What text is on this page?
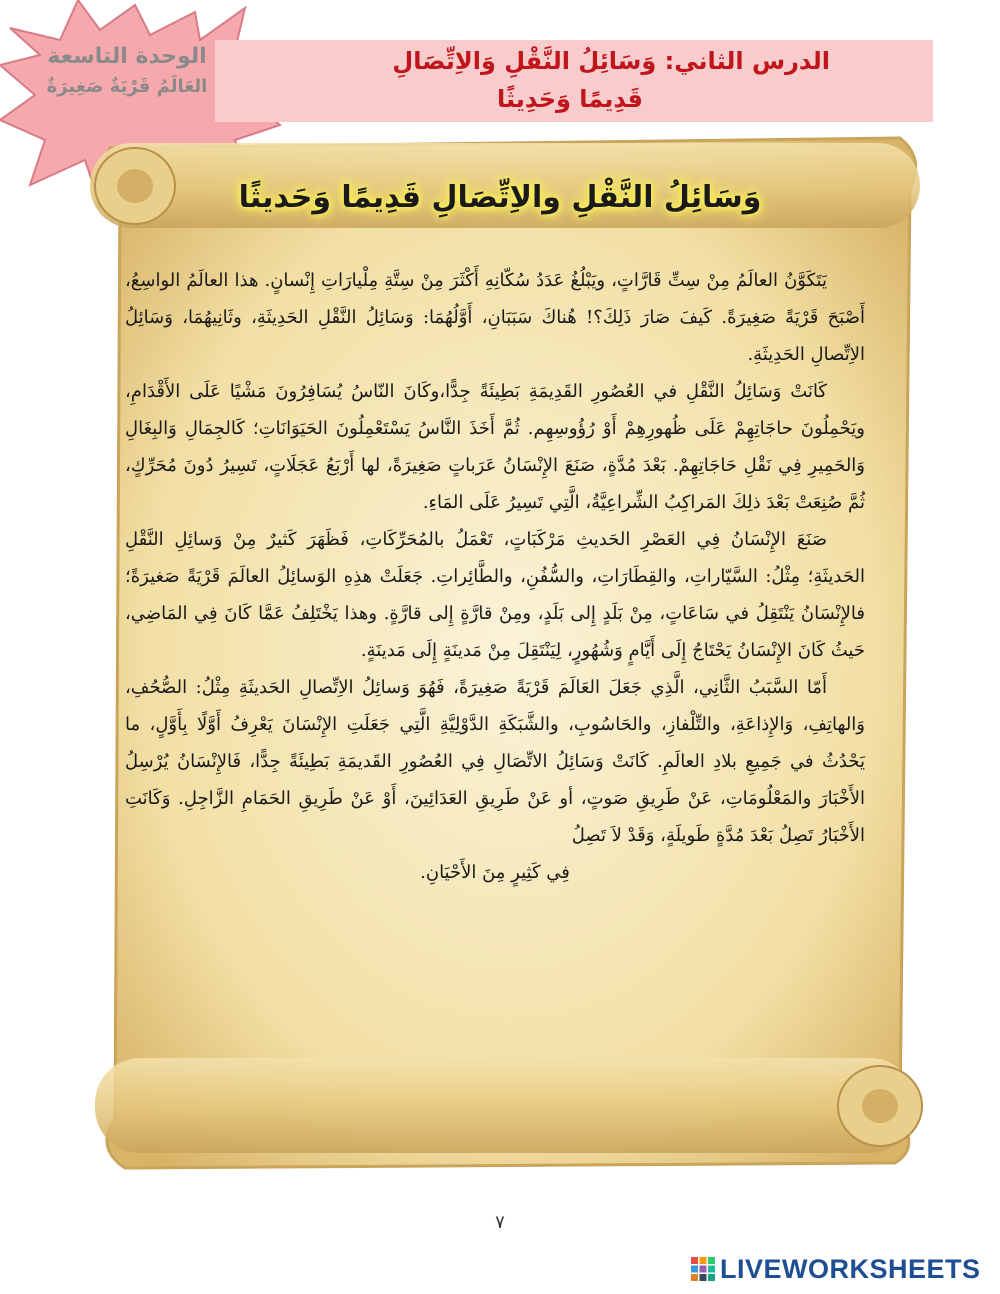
الوحدة التاسعة
العَالَمُ قَرْيَةٌ صَغِيرَةٌ
الدرس الثاني: وَسَائِلُ النَّقْلِ وَالاِتِّصَالِ
قَدِيمًا وَحَدِيثًا
وَسَائِلُ النَّقْلِ والاِتِّصَالِ قَدِيمًا وَحَديثًا

يَتَكَوَّنُ العالَمُ مِنْ سِتِّ قَارَّاتٍ، ويَبْلُغُ عَدَدُ سُكّانِهِ أَكْثَرَ مِنْ سِتَّةِ مِلْيارَاتِ إِنْسانٍ. هذا العالَمُ الواسِعُ، أَصْبَحَ قَرْيَةً صَغِيرَةً. كَيفَ صَارَ ذَلِكَ؟! هُناكَ سَبَبَانِ، أَوَّلُهُمَا: وَسَائِلُ النَّقْلِ الحَدِيثَةِ، وثَانِيهُمَا، وَسَائِلُ الاِتِّصالِ الحَدِيثَةِ.

كَانَتْ وَسَائِلُ النَّقْلِ في العُصُورِ القَدِيمَةِ بَطِيئَةً جِدًّا،وكَانَ النّاسُ يُسَافِرُونَ مَشْيًا عَلَى الأَقْدَامِ، ويَحْمِلُونَ حاجَاتِهِمْ عَلَى ظُهورِهِمْ أَوْ رُؤُوسِهِم. ثُمَّ أَخَذَ النَّاسُ يَسْتَعْمِلُونَ الحَيَوَانَاتِ؛ كَالجِمَالِ وَالبِغَالِ وَالحَمِيرِ فِي نَقْلِ حَاجَاتِهِمْ. بَعْدَ مُدَّةٍ، صَنَعَ الإِنْسَانُ عَرَباتٍ صَغِيرَةً، لها أَرْبَعُ عَجَلَاتٍ، تَسِيرُ دُونَ مُحَرِّكٍ، ثُمَّ صُنِعَتْ بَعْدَ ذلِكَ المَراكِبُ الشِّراعِيَّةُ، الَّتِي تَسِيرُ عَلَى المَاءِ.

صَنَعَ الإِنْسَانُ فِي العَصْرِ الحَديثِ مَرْكَبَاتٍ، تَعْمَلُ بالمُحَرِّكَاتِ، فَظَهَرَ كَثيرٌ مِنْ وَسائِلِ النَّقْلِ الحَديثَةِ؛ مِثْلُ: السَّيّاراتِ، والقِطَارَاتِ، والسُّفُنِ، والطَّائِراتِ. جَعَلَتْ هذِهِ الوَسائِلُ العالَمَ قَرْيَةً صَغيرَةً؛ فالإِنْسَانُ يَنْتَقِلُ في سَاعَاتٍ، مِنْ بَلَدٍ إِلى بَلَدٍ، ومِنْ قارَّةٍ إِلى قارَّةٍ. وهذا يَخْتَلِفُ عَمَّا كَانَ فِي المَاضِي، حَيثُ كَانَ الإِنْسَانُ يَحْتَاجُ إِلَى أَيَّامٍ وَشُهُورٍ، لِيَنْتَقِلَ مِنْ مَدينَةٍ إِلَى مَدينَةٍ.

أَمّا السَّبَبُ الثَّانِي، الَّذِي جَعَلَ العَالَمَ قَرْيَةً صَغِيرَةً، فَهُوَ وَسائِلُ الاِتِّصالِ الحَديثَةِ مِثْلُ: الصُّحُفِ، وَالهاتِفِ، وَالإِذاعَةِ، والتِّلْفازِ، والحَاسُوبِ، والشَّبَكَةِ الدَّوْلِيَّةِ الَّتِي جَعَلَتِ الإِنْسَانَ يَعْرِفُ أَوَّلًا بِأَوَّلٍ، ما يَحْدُثُ في جَمِيعِ بلادِ العالَمِ. كَانَتْ وَسَائِلُ الاتِّصَالِ فِي العُصُورِ القَديمَةِ بَطِيئَةً جِدًّا، فَالإِنْسَانُ يُرْسِلُ الأَخْبَارَ والمَعْلُومَاتِ، عَنْ طَرِيقِ صَوتٍ، أو عَنْ طَرِيقِ العَدَائِينَ، أَوْ عَنْ طَرِيقِ الحَمَامِ الزَّاجِلِ. وَكَانَتِ الأَخْبَارُ تَصِلُ بَعْدَ مُدَّةٍ طَويلَةٍ، وَقَدْ لاَ تَصِلُ

فِي كَثِيرٍ مِنَ الأَحْيَانِ.

٧
LIVEWORKSHEETS
